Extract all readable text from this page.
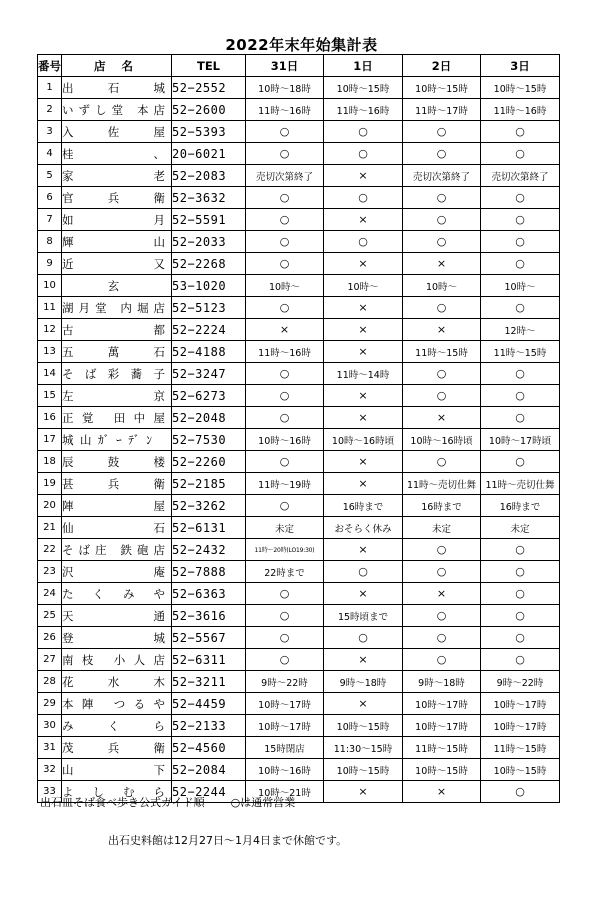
2022年末年始集計表
番号	店 名	TEL	31日	1日	2日	3日
1	出石城	52−2552	10時〜18時	10時〜15時	10時〜15時	10時〜15時
2	いずし堂 本店	52−2600	11時〜16時	11時〜16時	11時〜17時	11時〜16時
3	入佐屋	52−5393	○	○	○	○
4	桂、	20−6021	○	○	○	○
5	家老	52−2083	売切次第終了	×	売切次第終了	売切次第終了
6	官兵衛	52−3632	○	○	○	○
7	如月	52−5591	○	×	○	○
8	輝山	52−2033	○	○	○	○
9	近又	52−2268	○	×	×	○
10	玄	53−1020	10時〜	10時〜	10時〜	10時〜
11	湖月堂 内堀店	52−5123	○	×	○	○
12	古都	52−2224	×	×	×	12時〜
13	五萬石	52−4188	11時〜16時	×	11時〜15時	11時〜15時
14	そば彩蕎子	52−3247	○	11時〜14時	○	○
15	左京	52−6273	○	×	○	○
16	正覚 田中屋	52−2048	○	×	×	○
17	城山ｶﾞｰﾃﾞﾝ	52−7530	10時〜16時	10時〜16時頃	10時〜16時頃	10時〜17時頃
18	辰鼓楼	52−2260	○	×	○	○
19	甚兵衛	52−2185	11時〜19時	×	11時〜売切仕舞	11時〜売切仕舞
20	陣屋	52−3262	○	16時まで	16時まで	16時まで
21	仙石	52−6131	未定	おそらく休み	未定	未定
22	そば庄 鉄砲店	52−2432	11時〜20時(LO19:30)	×	○	○
23	沢庵	52−7888	22時まで	○	○	○
24	たくみや	52−6363	○	×	×	○
25	天通	52−3616	○	15時頃まで	○	○
26	登城	52−5567	○	○	○	○
27	南枝 小人店	52−6311	○	×	○	○
28	花水木	52−3211	9時〜22時	9時〜18時	9時〜18時	9時〜22時
29	本陣 つるや	52−4459	10時〜17時	×	10時〜17時	10時〜17時
30	みくら	52−2133	10時〜17時	10時〜15時	10時〜17時	10時〜17時
31	茂兵衛	52−4560	15時閉店	11:30〜15時	11時〜15時	11時〜15時
32	山下	52−2084	10時〜16時	10時〜15時	10時〜15時	10時〜15時
33	よしむら	52−2244	10時〜21時	×	×	○
出石皿そば食べ歩き公式ガイド順 ○は通常営業
出石史料館は12月27日〜1月4日まで休館です。
